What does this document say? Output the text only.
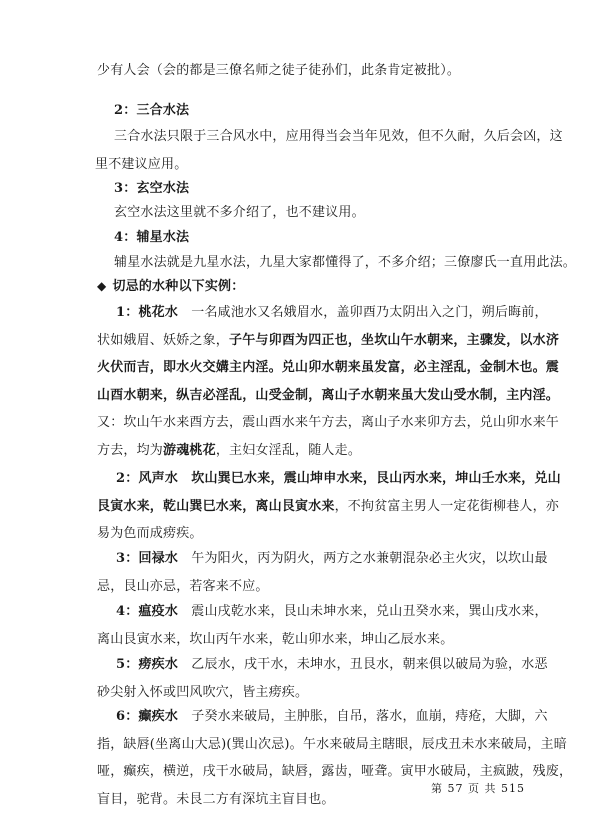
少有人会（会的都是三僚名师之徒子徒孙们，此条肯定被批）。

2：三合水法

三合水法只限于三合风水中，应用得当会当年见效，但不久耐，久后会凶，这
里不建议应用。

3：玄空水法

玄空水法这里就不多介绍了，也不建议用。

4：辅星水法

辅星水法就是九星水法，九星大家都懂得了，不多介绍；三僚廖氏一直用此法。

◆ 切忌的水种以下实例：

1：桃花水　一名咸池水又名娥眉水，盖卯酉乃太阴出入之门，朔后晦前，
状如娥眉、妖娇之象，子午与卯酉为四正也，坐坎山午水朝来，主骤发，以水济
火伏而吉，即水火交媾主内淫。兑山卯水朝来虽发富，必主淫乱，金制木也。震
山酉水朝来，纵吉必淫乱，山受金制，离山子水朝来虽大发山受水制，主内淫。
又：坎山午水来酉方去，震山酉水来午方去，离山子水来卯方去，兑山卯水来午
方去，均为游魂桃花，主妇女淫乱，随人走。
2：风声水　坎山巽巳水来，震山坤申水来，艮山丙水来，坤山壬水来，兑山
艮寅水来，乾山巽巳水来，离山艮寅水来，不拘贫富主男人一定花街柳巷人，亦
易为色而成痨疾。
3：回禄水　午为阳火，丙为阴火，两方之水兼朝混杂必主火灾，以坎山最
忌，艮山亦忌，若客来不应。
4：瘟疫水　震山戌乾水来，艮山未坤水来，兑山丑癸水来，巽山戌水来，
离山艮寅水来，坎山丙午水来，乾山卯水来，坤山乙辰水来。
5：痨疾水　乙辰水，戌干水，未坤水，丑艮水，朝来俱以破局为验，水恶
砂尖射入怀或凹风吹穴，皆主痨疾。
6：癫疾水　子癸水来破局，主肿胀，自吊，落水，血崩，痔疮，大脚，六
指，缺唇(坐离山大忌)(巽山次忌)。午水来破局主瞎眼，辰戌丑未水来破局，主暗
哑，癫疾，横逆，戌干水破局，缺唇，露齿，哑聋。寅甲水破局，主疯跛，残废，
盲目，驼背。未艮二方有深坑主盲目也。
第 57 页 共 515
